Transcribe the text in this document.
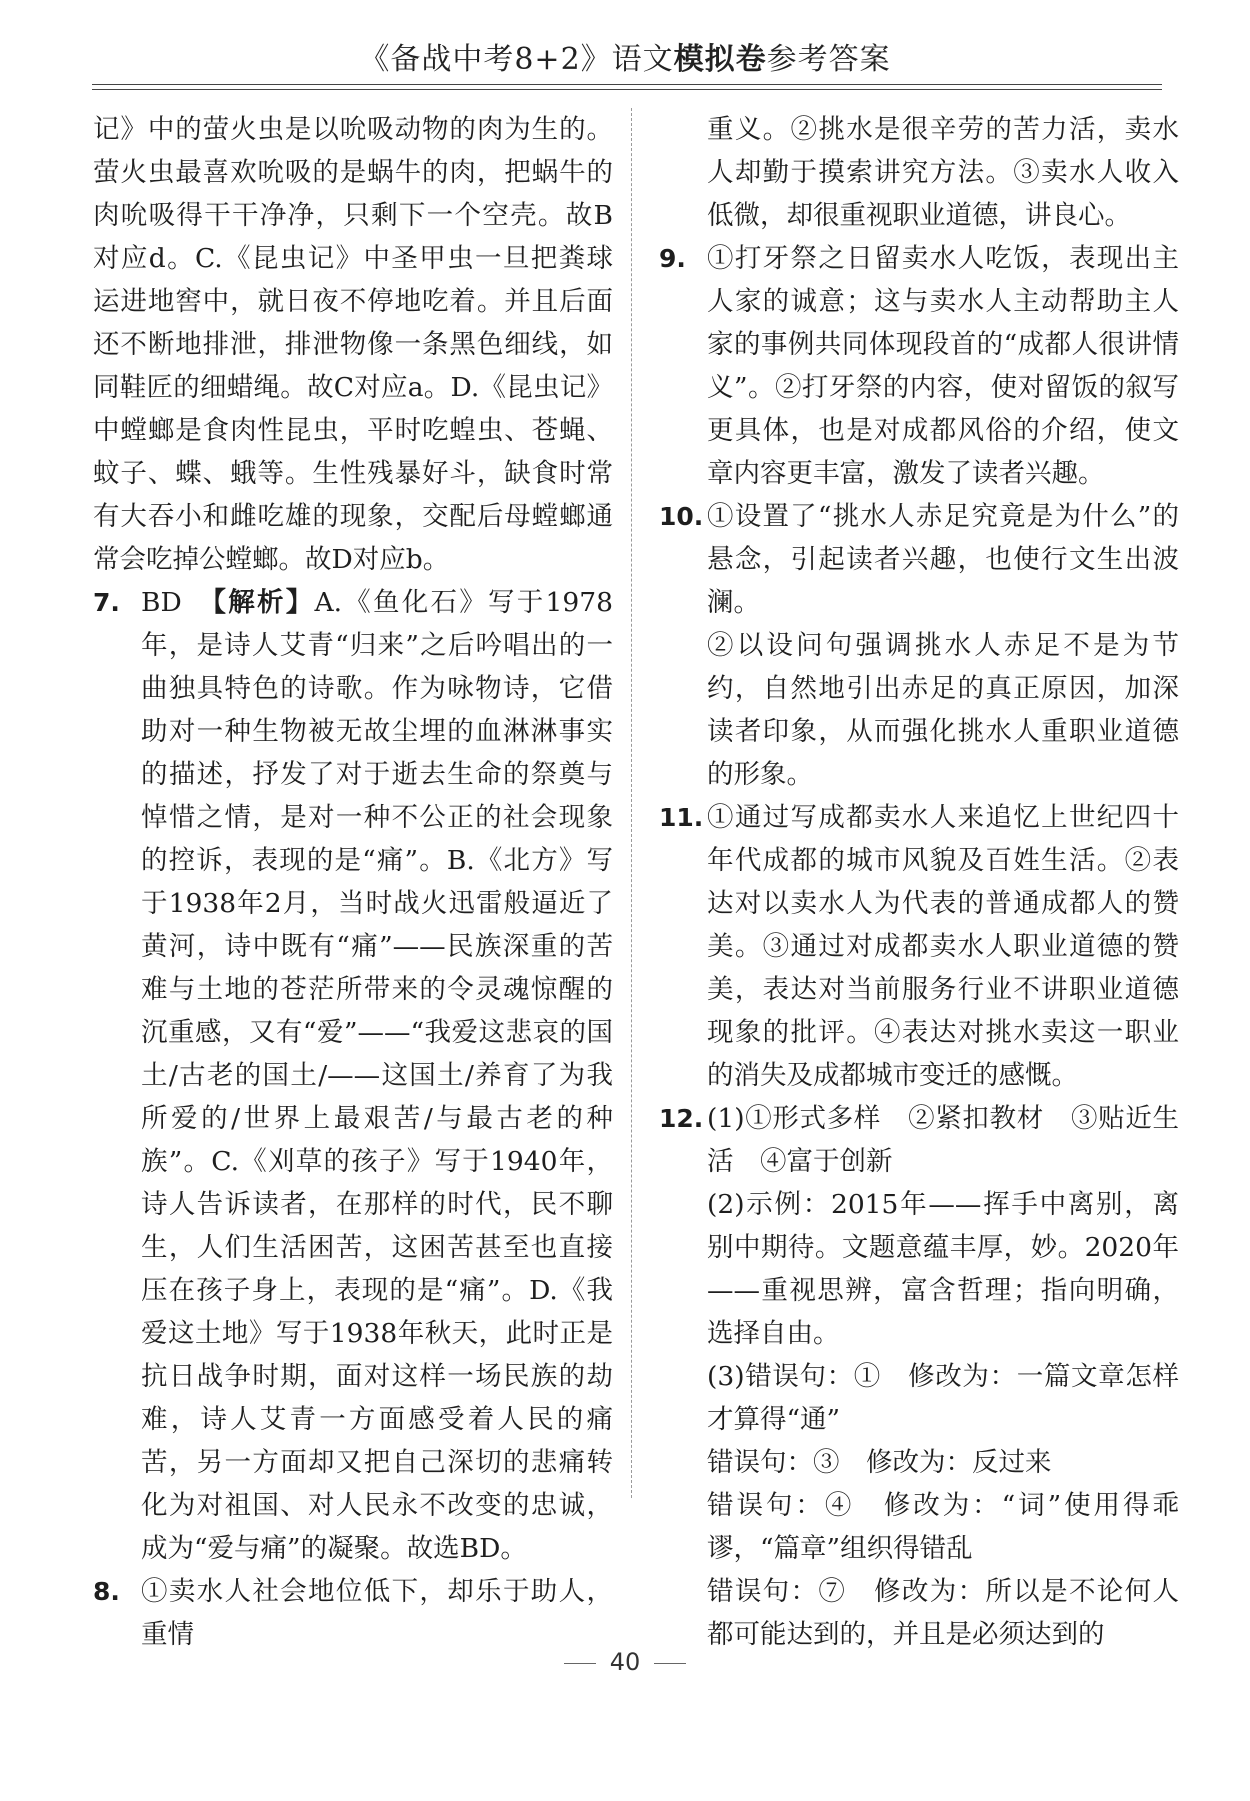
《备战中考8+2》语文模拟卷参考答案

记》中的萤火虫是以吮吸动物的肉为生的。萤火虫最喜欢吮吸的是蜗牛的肉，把蜗牛的肉吮吸得干干净净，只剩下一个空壳。故B对应d。C.《昆虫记》中圣甲虫一旦把粪球运进地窖中，就日夜不停地吃着。并且后面还不断地排泄，排泄物像一条黑色细线，如同鞋匠的细蜡绳。故C对应a。D.《昆虫记》中螳螂是食肉性昆虫，平时吃蝗虫、苍蝇、蚊子、蝶、蛾等。生性残暴好斗，缺食时常有大吞小和雌吃雄的现象，交配后母螳螂通常会吃掉公螳螂。故D对应b。

7. BD　 【解析】A.《鱼化石》写于1978年，是诗人艾青“归来”之后吟唱出的一曲独具特色的诗歌。作为咏物诗，它借助对一种生物被无故尘埋的血淋淋事实的描述，抒发了对于逝去生命的祭奠与悼惜之情，是对一种不公正的社会现象的控诉，表现的是“痛”。B.《北方》写于1938年2月，当时战火迅雷般逼近了黄河，诗中既有“痛”——民族深重的苦难与土地的苍茫所带来的令灵魂惊醒的沉重感，又有“爱”——“我爱这悲哀的国土/古老的国土/——这国土/养育了为我所爱的/世界上最艰苦/与最古老的种族”。C.《刈草的孩子》写于1940年，诗人告诉读者，在那样的时代，民不聊生，人们生活困苦，这困苦甚至也直接压在孩子身上，表现的是“痛”。D.《我爱这土地》写于1938年秋天，此时正是抗日战争时期，面对这样一场民族的劫难，诗人艾青一方面感受着人民的痛苦，另一方面却又把自己深切的悲痛转化为对祖国、对人民永不改变的忠诚，成为“爱与痛”的凝聚。故选BD。

8. ①卖水人社会地位低下，却乐于助人，重情

重义。②挑水是很辛劳的苦力活，卖水人却勤于摸索讲究方法。③卖水人收入低微，却很重视职业道德，讲良心。

9. ①打牙祭之日留卖水人吃饭，表现出主人家的诚意；这与卖水人主动帮助主人家的事例共同体现段首的“成都人很讲情义”。②打牙祭的内容，使对留饭的叙写更具体，也是对成都风俗的介绍，使文章内容更丰富，激发了读者兴趣。

10. ①设置了“挑水人赤足究竟是为什么”的悬念，引起读者兴趣，也使行文生出波澜。

②以设问句强调挑水人赤足不是为节约，自然地引出赤足的真正原因，加深读者印象，从而强化挑水人重职业道德的形象。

11. ①通过写成都卖水人来追忆上世纪四十年代成都的城市风貌及百姓生活。②表达对以卖水人为代表的普通成都人的赞美。③通过对成都卖水人职业道德的赞美，表达对当前服务行业不讲职业道德现象的批评。④表达对挑水卖这一职业的消失及成都城市变迁的感慨。

12. (1)①形式多样　②紧扣教材　③贴近生活　④富于创新

(2)示例：2015年——挥手中离别，离别中期待。文题意蕴丰厚，妙。2020年——重视思辨，富含哲理；指向明确，选择自由。

(3)错误句：①　修改为：一篇文章怎样才算得“通”

错误句：③　修改为：反过来

错误句：④　修改为：“词”使用得乖谬，“篇章”组织得错乱

错误句：⑦　修改为：所以是不论何人都可能达到的，并且是必须达到的

40
